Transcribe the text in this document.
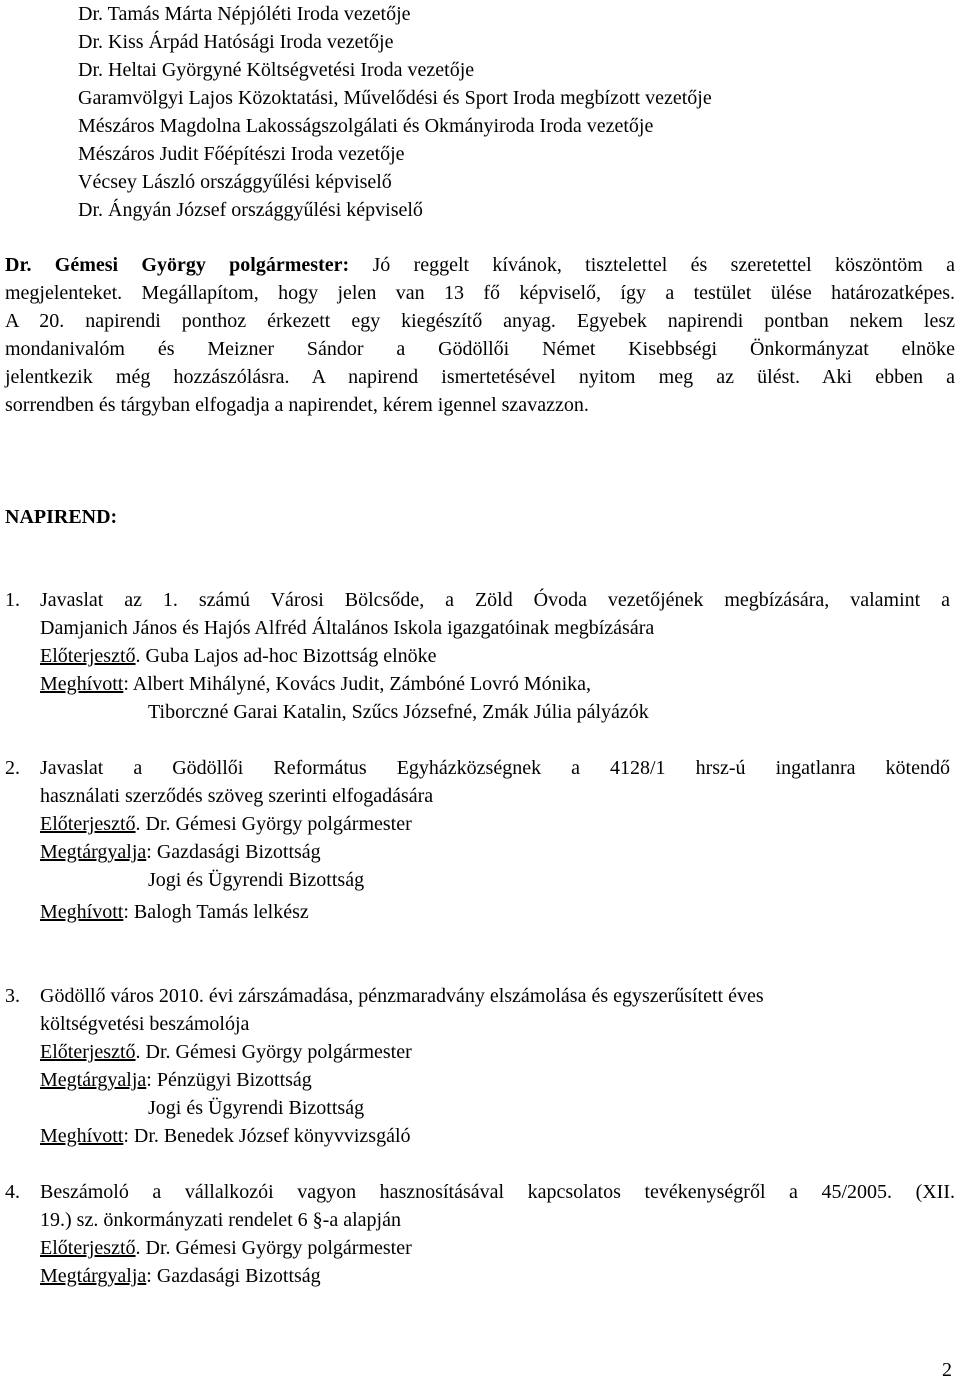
Dr. Tamás Márta Népjóléti Iroda vezetője
Dr. Kiss Árpád Hatósági Iroda vezetője
Dr. Heltai Györgyné Költségvetési Iroda vezetője
Garamvölgyi Lajos Közoktatási, Művelődési és Sport Iroda megbízott vezetője
Mészáros Magdolna Lakosságszolgálati és Okmányiroda Iroda vezetője
Mészáros Judit Főépítészi Iroda vezetője
Vécsey László országgyűlési képviselő
Dr. Ángyán József országgyűlési képviselő
Dr. Gémesi György polgármester: Jó reggelt kívánok, tisztelettel és szeretettel köszöntöm a
megjelenteket. Megállapítom, hogy jelen van 13 fő képviselő, így a testület ülése határozatképes.
A 20. napirendi ponthoz érkezett egy kiegészítő anyag. Egyebek napirendi pontban nekem lesz
mondanivalóm és Meizner Sándor a Gödöllői Német Kisebbségi Önkormányzat elnöke
jelentkezik még hozzászólásra. A napirend ismertetésével nyitom meg az ülést. Aki ebben a
sorrendben és tárgyban elfogadja a napirendet, kérem igennel szavazzon.
NAPIREND:
1. Javaslat az 1. számú Városi Bölcsőde, a Zöld Óvoda vezetőjének megbízására, valamint a
Damjanich János és Hajós Alfréd Általános Iskola igazgatóinak megbízására
Előterjesztő. Guba Lajos ad-hoc Bizottság elnöke
Meghívott: Albert Mihályné, Kovács Judit, Zámbóné Lovró Mónika,
Tiborczné Garai Katalin, Szűcs Józsefné, Zmák Júlia pályázók
2. Javaslat a Gödöllői Református Egyházközségnek a 4128/1 hrsz-ú ingatlanra kötendő
használati szerződés szöveg szerinti elfogadására
Előterjesztő. Dr. Gémesi György polgármester
Megtárgyalja: Gazdasági Bizottság
Jogi és Ügyrendi Bizottság
Meghívott: Balogh Tamás lelkész
3. Gödöllő város 2010. évi zárszámadása, pénzmaradvány elszámolása és egyszerűsített éves
költségvetési beszámolója
Előterjesztő. Dr. Gémesi György polgármester
Megtárgyalja: Pénzügyi Bizottság
Jogi és Ügyrendi Bizottság
Meghívott: Dr. Benedek József könyvvizsgáló
4. Beszámoló a vállalkozói vagyon hasznosításával kapcsolatos tevékenységről a 45/2005. (XII.
19.) sz. önkormányzati rendelet 6 §-a alapján
Előterjesztő. Dr. Gémesi György polgármester
Megtárgyalja: Gazdasági Bizottság
2
